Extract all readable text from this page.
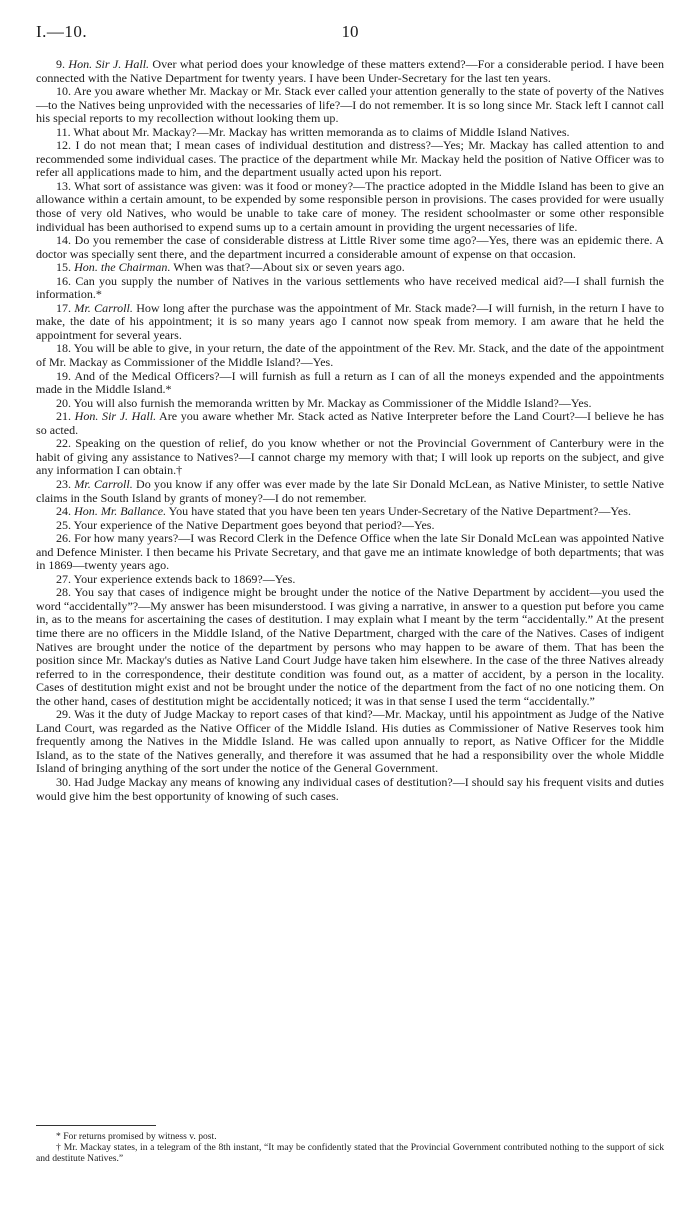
I.—10.	10

9. Hon. Sir J. Hall. Over what period does your knowledge of these matters extend?—For a considerable period. I have been connected with the Native Department for twenty years. I have been Under-Secretary for the last ten years.

10. Are you aware whether Mr. Mackay or Mr. Stack ever called your attention generally to the state of poverty of the Natives—to the Natives being unprovided with the necessaries of life?—I do not remember. It is so long since Mr. Stack left I cannot call his special reports to my recollection without looking them up.

11. What about Mr. Mackay?—Mr. Mackay has written memoranda as to claims of Middle Island Natives.

12. I do not mean that; I mean cases of individual destitution and distress?—Yes; Mr. Mackay has called attention to and recommended some individual cases. The practice of the department while Mr. Mackay held the position of Native Officer was to refer all applications made to him, and the department usually acted upon his report.

13. What sort of assistance was given: was it food or money?—The practice adopted in the Middle Island has been to give an allowance within a certain amount, to be expended by some responsible person in provisions. The cases provided for were usually those of very old Natives, who would be unable to take care of money. The resident schoolmaster or some other responsible individual has been authorised to expend sums up to a certain amount in providing the urgent necessaries of life.

14. Do you remember the case of considerable distress at Little River some time ago?—Yes, there was an epidemic there. A doctor was specially sent there, and the department incurred a considerable amount of expense on that occasion.

15. Hon. the Chairman. When was that?—About six or seven years ago.

16. Can you supply the number of Natives in the various settlements who have received medical aid?—I shall furnish the information.*

17. Mr. Carroll. How long after the purchase was the appointment of Mr. Stack made?—I will furnish, in the return I have to make, the date of his appointment; it is so many years ago I cannot now speak from memory. I am aware that he held the appointment for several years.

18. You will be able to give, in your return, the date of the appointment of the Rev. Mr. Stack, and the date of the appointment of Mr. Mackay as Commissioner of the Middle Island?—Yes.

19. And of the Medical Officers?—I will furnish as full a return as I can of all the moneys expended and the appointments made in the Middle Island.*

20. You will also furnish the memoranda written by Mr. Mackay as Commissioner of the Middle Island?—Yes.

21. Hon. Sir J. Hall. Are you aware whether Mr. Stack acted as Native Interpreter before the Land Court?—I believe he has so acted.

22. Speaking on the question of relief, do you know whether or not the Provincial Government of Canterbury were in the habit of giving any assistance to Natives?—I cannot charge my memory with that; I will look up reports on the subject, and give any information I can obtain.†

23. Mr. Carroll. Do you know if any offer was ever made by the late Sir Donald McLean, as Native Minister, to settle Native claims in the South Island by grants of money?—I do not remember.

24. Hon. Mr. Ballance. You have stated that you have been ten years Under-Secretary of the Native Department?—Yes.

25. Your experience of the Native Department goes beyond that period?—Yes.

26. For how many years?—I was Record Clerk in the Defence Office when the late Sir Donald McLean was appointed Native and Defence Minister. I then became his Private Secretary, and that gave me an intimate knowledge of both departments; that was in 1869—twenty years ago.

27. Your experience extends back to 1869?—Yes.

28. You say that cases of indigence might be brought under the notice of the Native Department by accident—you used the word “accidentally”?—My answer has been misunderstood. I was giving a narrative, in answer to a question put before you came in, as to the means for ascertaining the cases of destitution. I may explain what I meant by the term “accidentally.” At the present time there are no officers in the Middle Island, of the Native Department, charged with the care of the Natives. Cases of indigent Natives are brought under the notice of the department by persons who may happen to be aware of them. That has been the position since Mr. Mackay's duties as Native Land Court Judge have taken him elsewhere. In the case of the three Natives already referred to in the correspondence, their destitute condition was found out, as a matter of accident, by a person in the locality. Cases of destitution might exist and not be brought under the notice of the department from the fact of no one noticing them. On the other hand, cases of destitution might be accidentally noticed; it was in that sense I used the term “accidentally.”

29. Was it the duty of Judge Mackay to report cases of that kind?—Mr. Mackay, until his appointment as Judge of the Native Land Court, was regarded as the Native Officer of the Middle Island. His duties as Commissioner of Native Reserves took him frequently among the Natives in the Middle Island. He was called upon annually to report, as Native Officer for the Middle Island, as to the state of the Natives generally, and therefore it was assumed that he had a responsibility over the whole Middle Island of bringing anything of the sort under the notice of the General Government.

30. Had Judge Mackay any means of knowing any individual cases of destitution?—I should say his frequent visits and duties would give him the best opportunity of knowing of such cases.

* For returns promised by witness v. post.

† Mr. Mackay states, in a telegram of the 8th instant, “It may be confidently stated that the Provincial Government contributed nothing to the support of sick and destitute Natives.”
